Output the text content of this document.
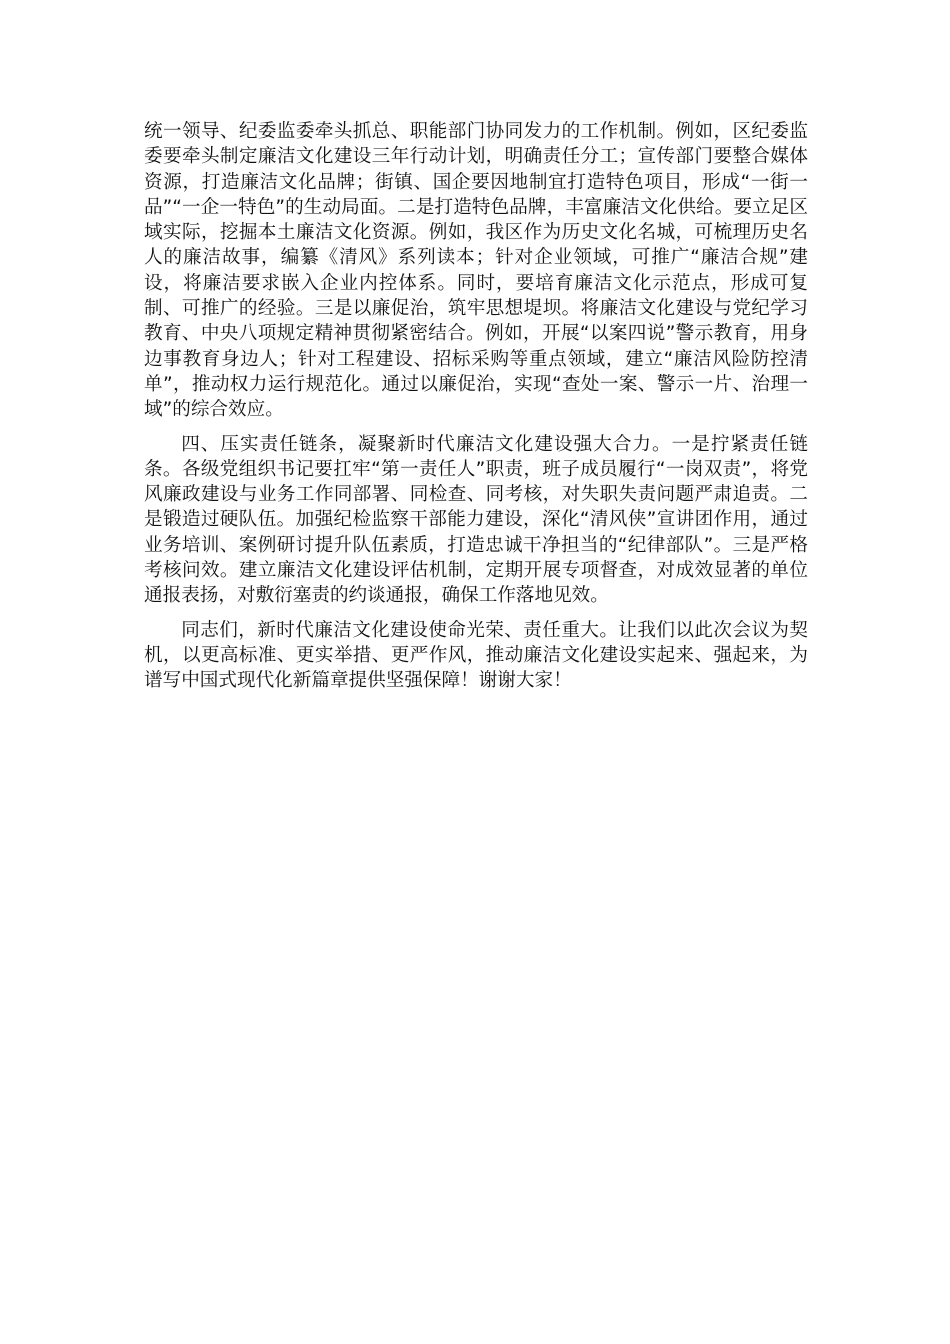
统一领导、纪委监委牵头抓总、职能部门协同发力的工作机制。例如，区纪委监委要牵头制定廉洁文化建设三年行动计划，明确责任分工；宣传部门要整合媒体资源，打造廉洁文化品牌；街镇、国企要因地制宜打造特色项目，形成“一街一品”“一企一特色”的生动局面。二是打造特色品牌，丰富廉洁文化供给。要立足区域实际，挖掘本土廉洁文化资源。例如，我区作为历史文化名城，可梳理历史名人的廉洁故事，编纂《清风》系列读本；针对企业领域，可推广“廉洁合规”建设，将廉洁要求嵌入企业内控体系。同时，要培育廉洁文化示范点，形成可复制、可推广的经验。三是以廉促治，筑牢思想堤坝。将廉洁文化建设与党纪学习教育、中央八项规定精神贯彻紧密结合。例如，开展“以案四说”警示教育，用身边事教育身边人；针对工程建设、招标采购等重点领域，建立“廉洁风险防控清单”，推动权力运行规范化。通过以廉促治，实现“查处一案、警示一片、治理一域”的综合效应。

四、压实责任链条，凝聚新时代廉洁文化建设强大合力。一是拧紧责任链条。各级党组织书记要扛牢“第一责任人”职责，班子成员履行“一岗双责”，将党风廉政建设与业务工作同部署、同检查、同考核，对失职失责问题严肃追责。二是锻造过硬队伍。加强纪检监察干部能力建设，深化“清风侠”宣讲团作用，通过业务培训、案例研讨提升队伍素质，打造忠诚干净担当的“纪律部队”。三是严格考核问效。建立廉洁文化建设评估机制，定期开展专项督查，对成效显著的单位通报表扬，对敷衍塞责的约谈通报，确保工作落地见效。

同志们，新时代廉洁文化建设使命光荣、责任重大。让我们以此次会议为契机，以更高标准、更实举措、更严作风，推动廉洁文化建设实起来、强起来，为谱写中国式现代化新篇章提供坚强保障！谢谢大家！
